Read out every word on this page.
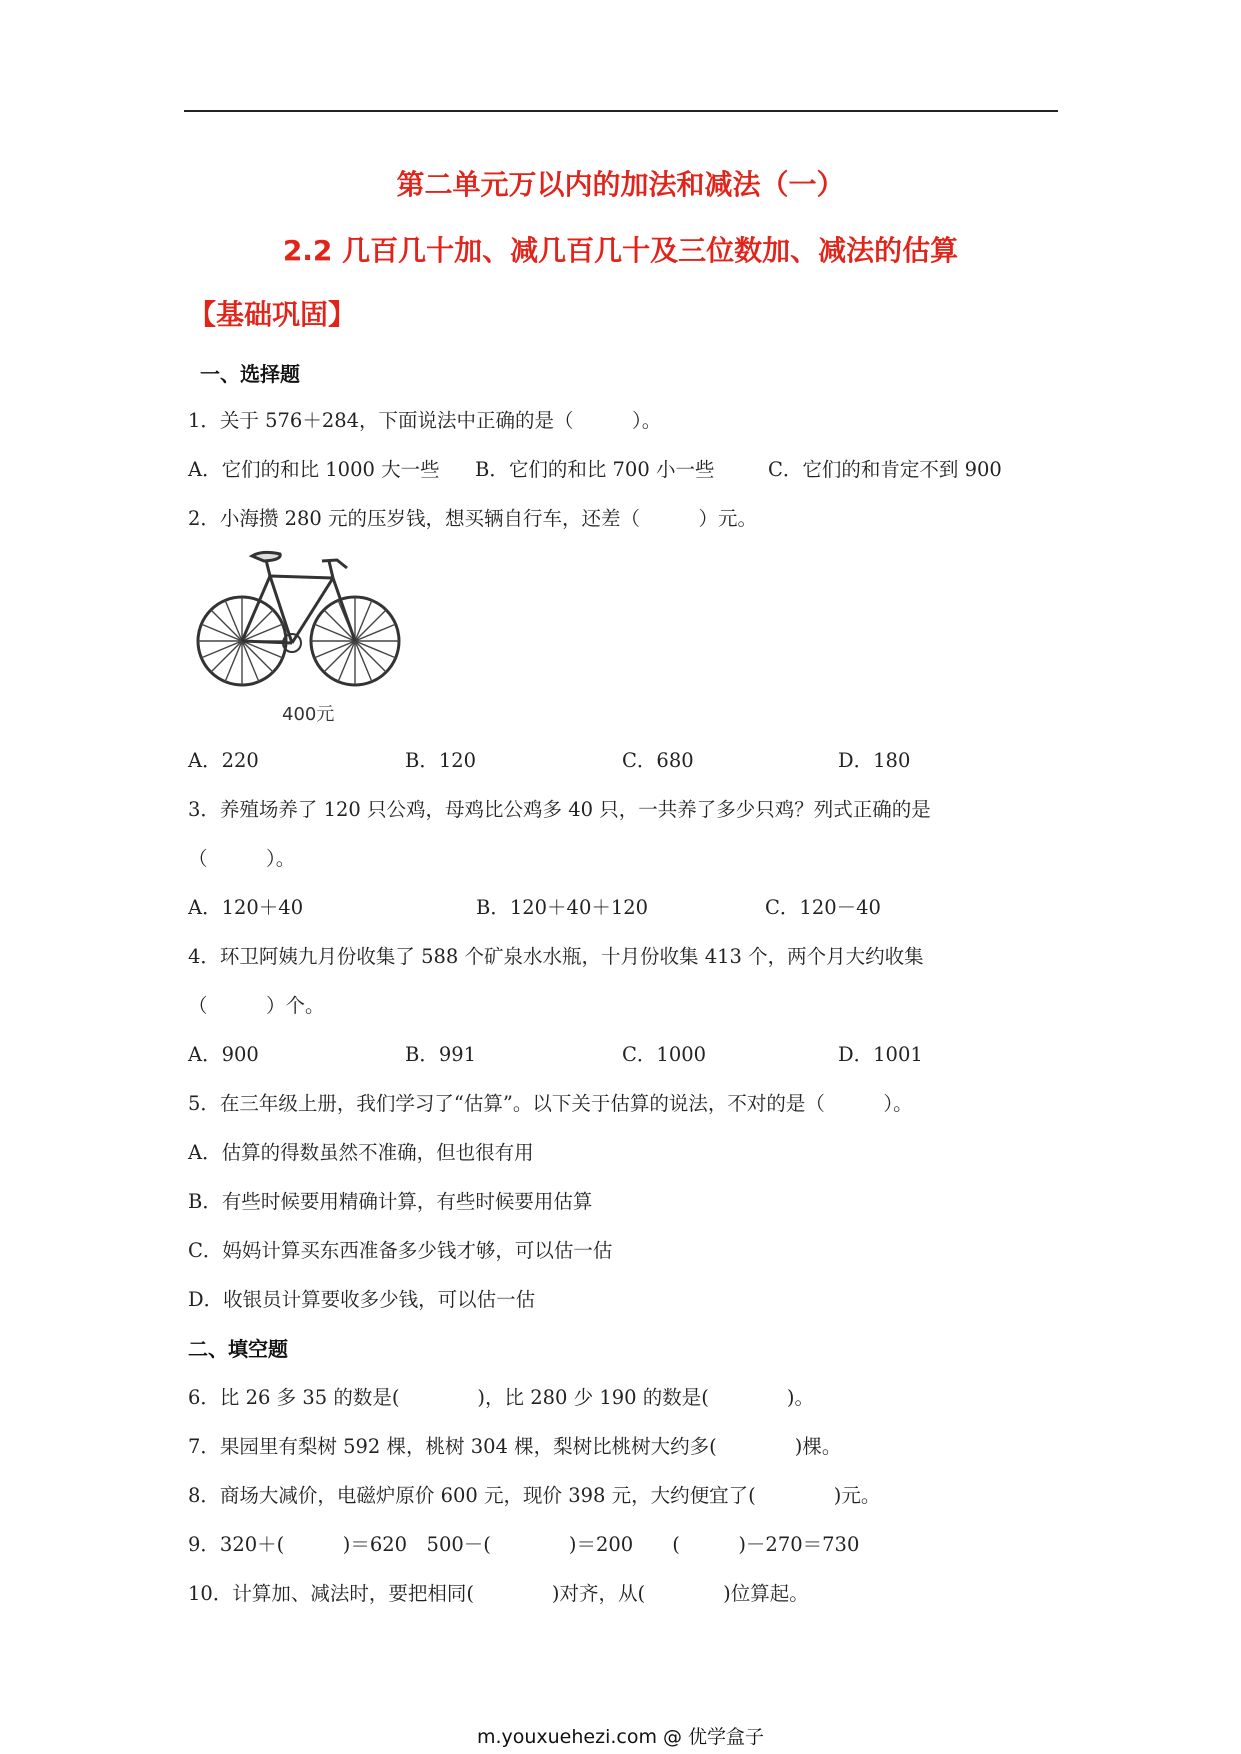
第二单元万以内的加法和减法（一）
2.2 几百几十加、减几百几十及三位数加、减法的估算
【基础巩固】
一、选择题
1．关于 576＋284，下面说法中正确的是（　　　）。
A．它们的和比 1000 大一些 B．它们的和比 700 小一些	C．它们的和肯定不到 900
2．小海攒 280 元的压岁钱，想买辆自行车，还差（　　　）元。
400元
A．220	B．120	C．680	D．180
3．养殖场养了 120 只公鸡，母鸡比公鸡多 40 只，一共养了多少只鸡？列式正确的是
（　　　）。
A．120＋40	B．120＋40＋120	C．120－40
4．环卫阿姨九月份收集了 588 个矿泉水水瓶，十月份收集 413 个，两个月大约收集
（　　　）个。
A．900	B．991	C．1000	D．1001
5．在三年级上册，我们学习了“估算”。以下关于估算的说法，不对的是（　　　）。
A．估算的得数虽然不准确，但也很有用
B．有些时候要用精确计算，有些时候要用估算
C．妈妈计算买东西准备多少钱才够，可以估一估
D．收银员计算要收多少钱，可以估一估
二、填空题
6．比 26 多 35 的数是(　　　　)，比 280 少 190 的数是(　　　　)。
7．果园里有梨树 592 棵，桃树 304 棵，梨树比桃树大约多(　　　　)棵。
8．商场大减价，电磁炉原价 600 元，现价 398 元，大约便宜了(　　　　)元。
9．320＋(　　　)＝620　500－(　　　　)＝200　　(　　　)－270＝730
10．计算加、减法时，要把相同(　　　　)对齐，从(　　　　)位算起。
m.youxuehezi.com @ 优学盒子
